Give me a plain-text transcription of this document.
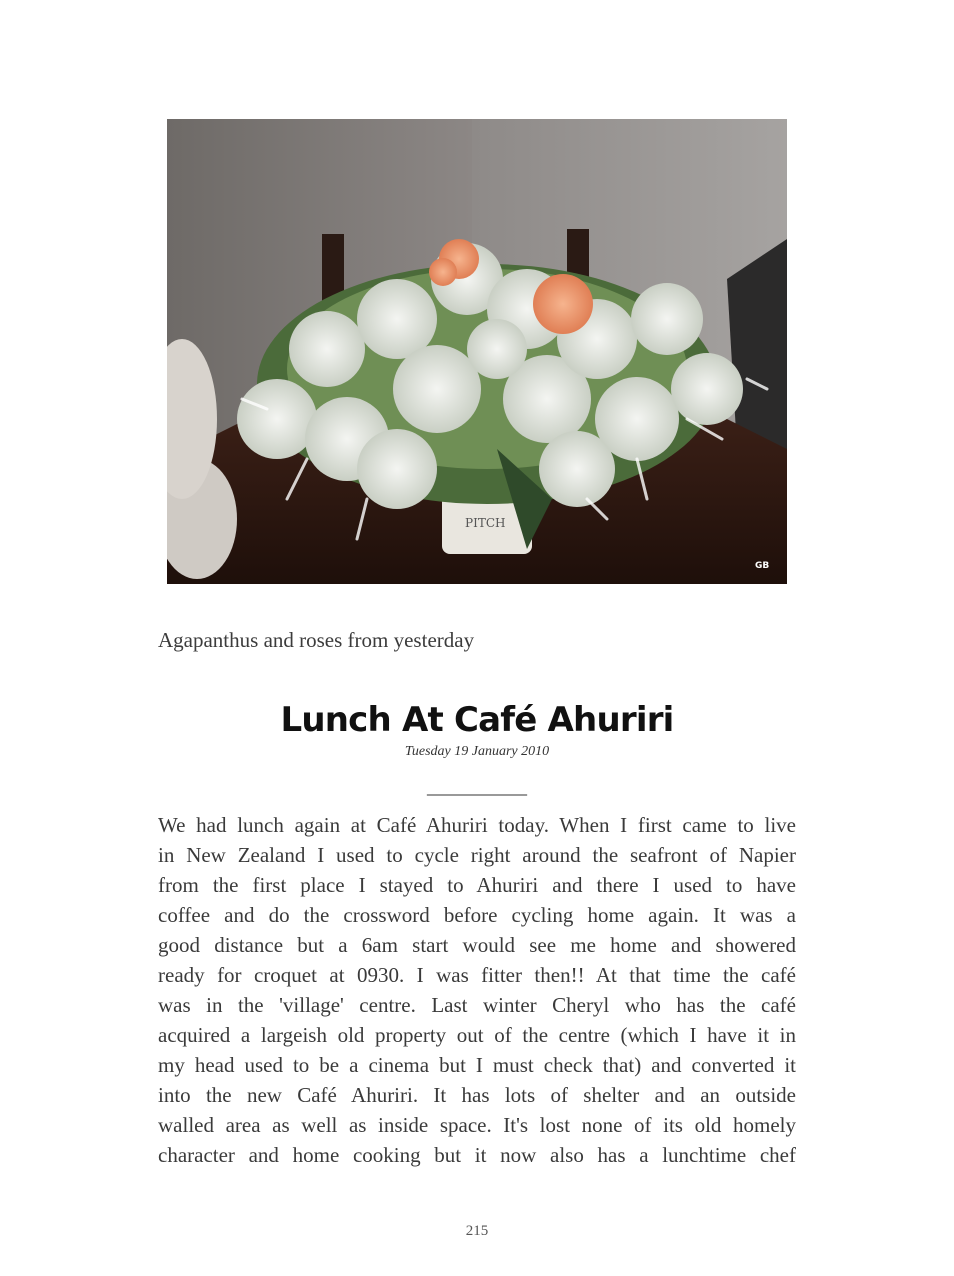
PITCH
GB
Agapanthus and roses from yesterday
Lunch At Café Ahuriri
Tuesday 19 January 2010
__________
We had lunch again at Café Ahuriri today. When I first came to live
in New Zealand I used to cycle right around the seafront of Napier
from the first place I stayed to Ahuriri and there I used to have
coffee and do the crossword before cycling home again. It was a
good distance but a 6am start would see me home and showered
ready for croquet at 0930. I was fitter then!! At that time the café
was in the 'village' centre. Last winter Cheryl who has the café
acquired a largeish old property out of the centre (which I have it in
my head used to be a cinema but I must check that) and converted it
into the new Café Ahuriri. It has lots of shelter and an outside
walled area as well as inside space. It's lost none of its old homely
character and home cooking but it now also has a lunchtime chef
215
